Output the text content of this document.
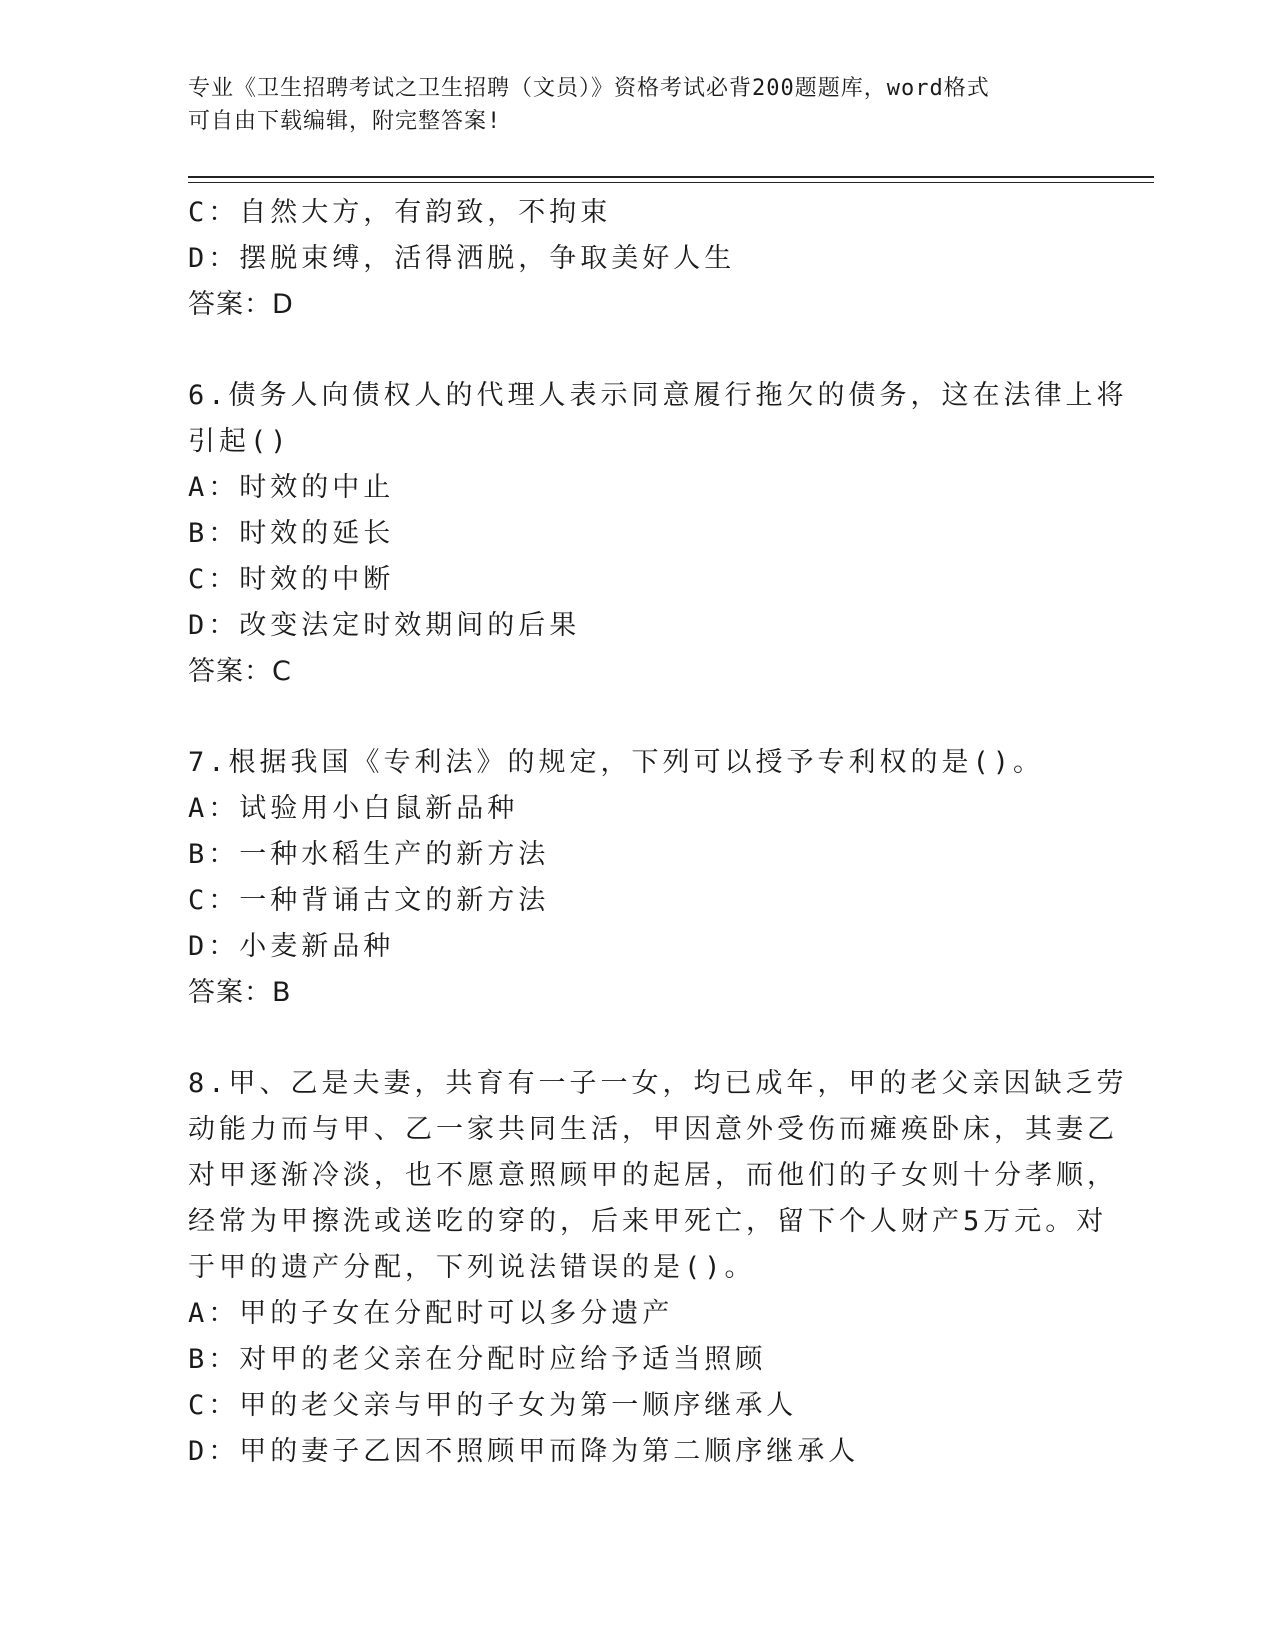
专业《卫生招聘考试之卫生招聘（文员）》资格考试必背200题题库，word格式
可自由下载编辑，附完整答案!
C：自然大方，有韵致，不拘束
D：摆脱束缚，活得洒脱，争取美好人生
答案：D
6.债务人向债权人的代理人表示同意履行拖欠的债务，这在法律上将
引起()
A：时效的中止
B：时效的延长
C：时效的中断
D：改变法定时效期间的后果
答案：C
7.根据我国《专利法》的规定，下列可以授予专利权的是()。
A：试验用小白鼠新品种
B：一种水稻生产的新方法
C：一种背诵古文的新方法
D：小麦新品种
答案：B
8.甲、乙是夫妻，共育有一子一女，均已成年，甲的老父亲因缺乏劳
动能力而与甲、乙一家共同生活，甲因意外受伤而瘫痪卧床，其妻乙
对甲逐渐冷淡，也不愿意照顾甲的起居，而他们的子女则十分孝顺，
经常为甲擦洗或送吃的穿的，后来甲死亡，留下个人财产5万元。对
于甲的遗产分配，下列说法错误的是()。
A：甲的子女在分配时可以多分遗产
B：对甲的老父亲在分配时应给予适当照顾
C：甲的老父亲与甲的子女为第一顺序继承人
D：甲的妻子乙因不照顾甲而降为第二顺序继承人
